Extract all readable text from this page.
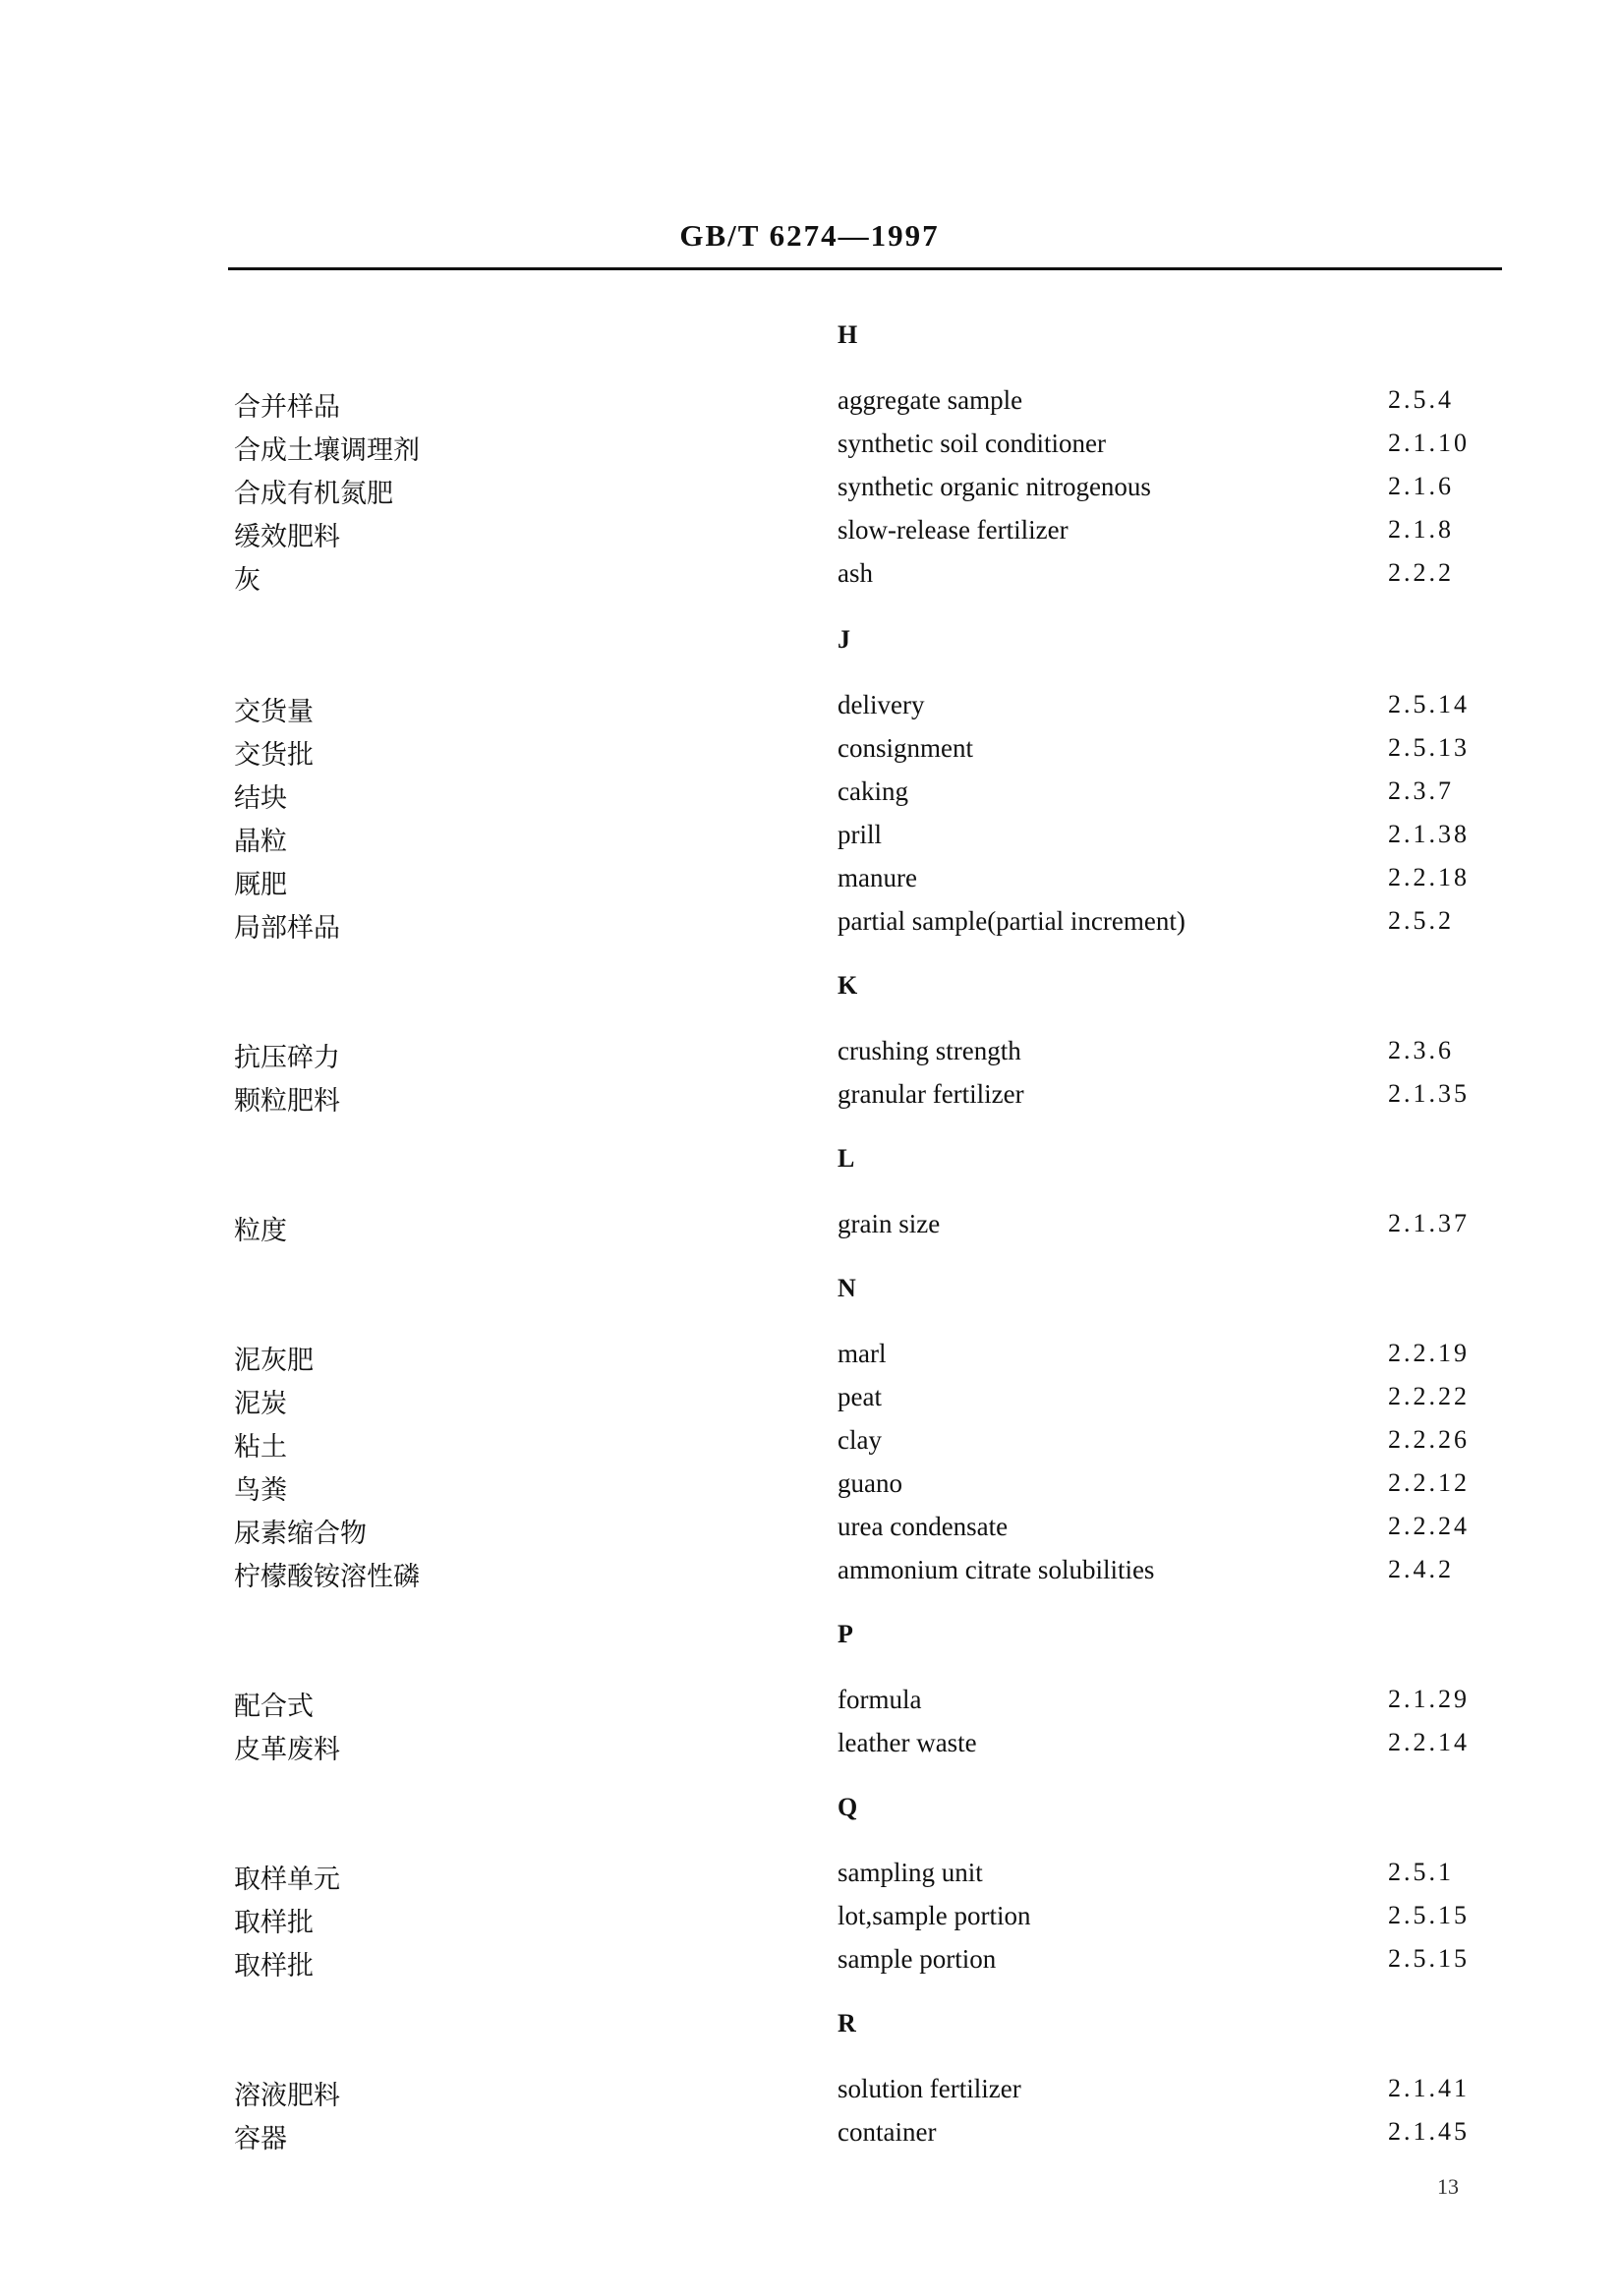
GB/T 6274—1997
H
合并样品	aggregate sample	2.5.4
合成土壤调理剂	synthetic soil conditioner	2.1.10
合成有机氮肥	synthetic organic nitrogenous	2.1.6
缓效肥料	slow-release fertilizer	2.1.8
灰	ash	2.2.2
J
交货量	delivery	2.5.14
交货批	consignment	2.5.13
结块	caking	2.3.7
晶粒	prill	2.1.38
厩肥	manure	2.2.18
局部样品	partial sample(partial increment)	2.5.2
K
抗压碎力	crushing strength	2.3.6
颗粒肥料	granular fertilizer	2.1.35
L
粒度	grain size	2.1.37
N
泥灰肥	marl	2.2.19
泥炭	peat	2.2.22
粘土	clay	2.2.26
鸟粪	guano	2.2.12
尿素缩合物	urea condensate	2.2.24
柠檬酸铵溶性磷	ammonium citrate solubilities	2.4.2
P
配合式	formula	2.1.29
皮革废料	leather waste	2.2.14
Q
取样单元	sampling unit	2.5.1
取样批	lot,sample portion	2.5.15
取样批	sample portion	2.5.15
R
溶液肥料	solution fertilizer	2.1.41
容器	container	2.1.45
13
